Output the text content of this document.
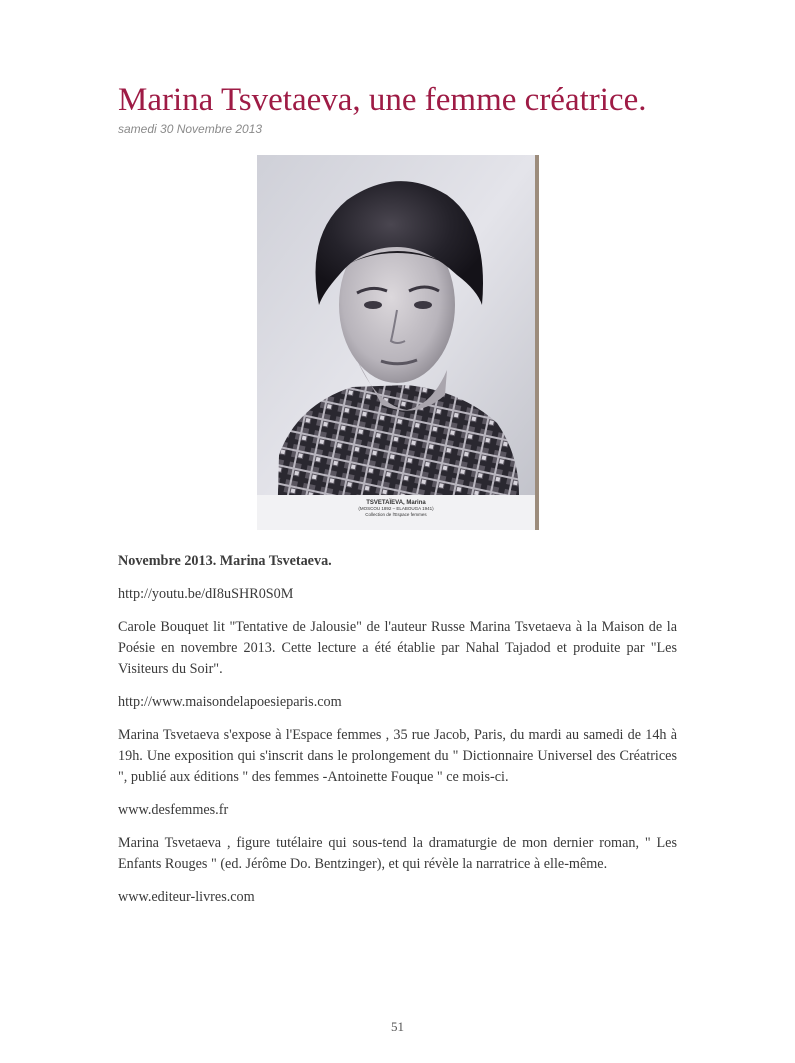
Marina Tsvetaeva, une femme créatrice.
samedi 30 Novembre 2013
TSVETAÏEVA, Marina
(MOSCOU 1892 – ELABOUGA 1941)
Collection de l'Espace femmes

Novembre 2013. Marina Tsvetaeva.

http://youtu.be/dI8uSHR0S0M

Carole Bouquet lit "Tentative de Jalousie" de l'auteur Russe Marina Tsvetaeva à la Maison de la Poésie en novembre 2013. Cette lecture a été établie par Nahal Tajadod et produite par "Les Visiteurs du Soir".

http://www.maisondelapoesieparis.com

Marina Tsvetaeva s'expose à l'Espace femmes , 35 rue Jacob, Paris, du mardi au samedi de 14h à 19h. Une exposition qui s'inscrit dans le prolongement du " Dictionnaire Universel des Créatrices ", publié aux éditions " des femmes -Antoinette Fouque " ce mois-ci.

www.desfemmes.fr

Marina Tsvetaeva , figure tutélaire qui sous-tend la dramaturgie de mon dernier roman, " Les Enfants Rouges " (ed. Jérôme Do. Bentzinger), et qui révèle la narratrice à elle-même.

www.editeur-livres.com

51
